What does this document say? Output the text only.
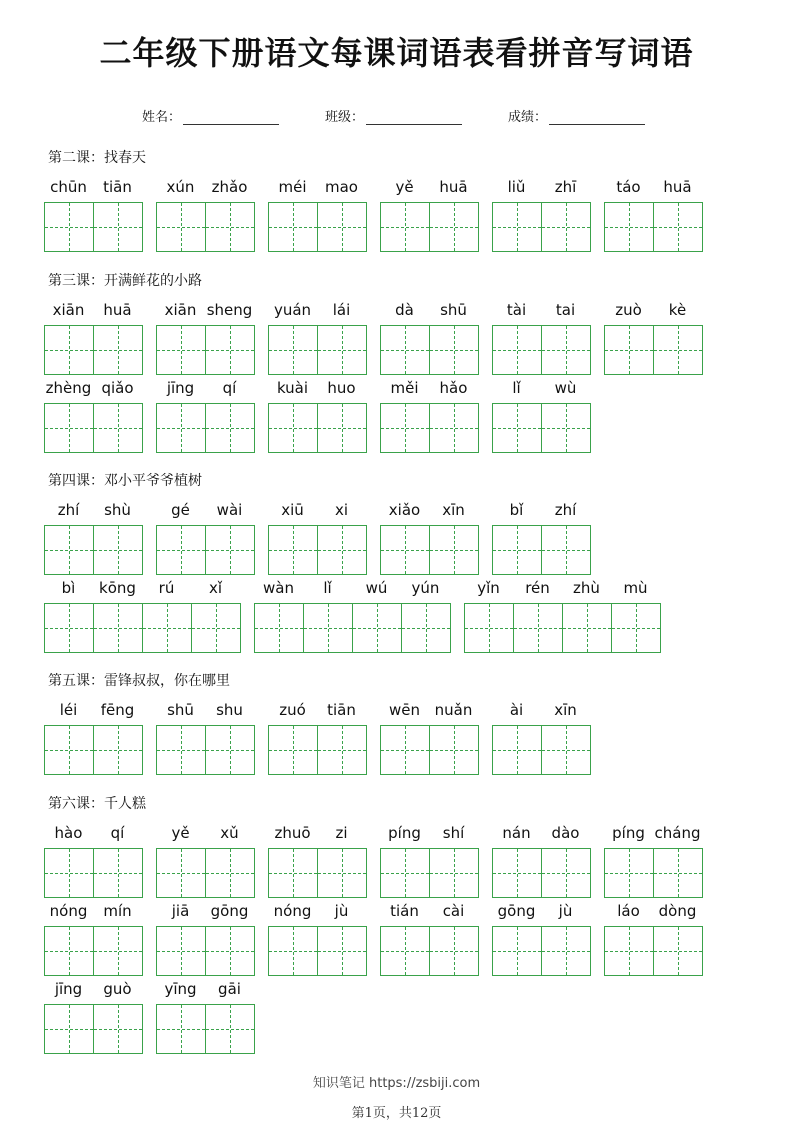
二年级下册语文每课词语表看拼音写词语
姓名：	班级：	成绩：
第二课：找春天
chūn	tiān	xún	zhǎo	méi	mao	yě	huā	liǔ	zhī	táo	huā
第三课：开满鲜花的小路
xiān	huā	xiān sheng	yuán	lái	dà	shū	tài	tai	zuò	kè
zhèng qiǎo	jīng	qí	kuài	huo	měi	hǎo	lǐ	wù
第四课：邓小平爷爷植树
zhí	shù	gé	wài	xiū	xi	xiǎo	xīn	bǐ	zhí
bì	kōng	rú	xǐ	wàn	lǐ	wú	yún	yǐn	rén	zhù	mù
第五课：雷锋叔叔，你在哪里
léi	fēng	shū	shu	zuó	tiān	wēn nuǎn	ài	xīn
第六课：千人糕
hào	qí	yě	xǔ	zhuō	zi	píng	shí	nán	dào	píng cháng
nóng	mín	jiā	gōng	nóng	jù	tián	cài	gōng	jù	láo	dòng
jīng	guò	yīng	gāi
知识笔记 https://zsbiji.com
第1页，共12页
